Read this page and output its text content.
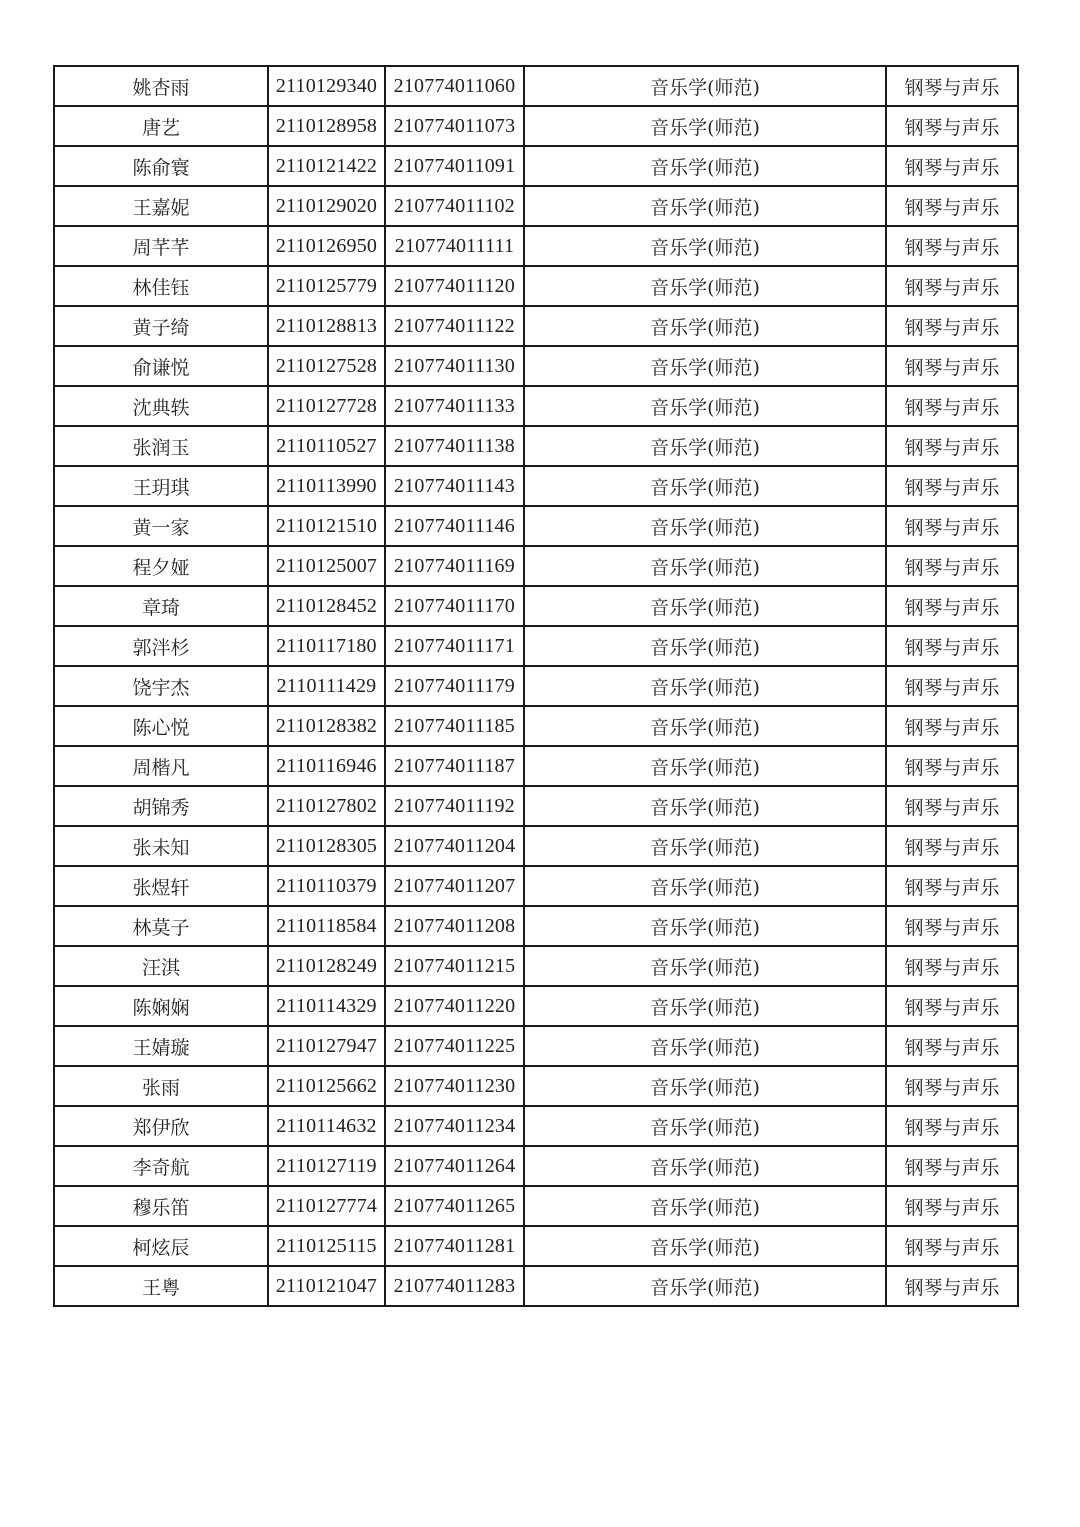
姚杏雨	2110129340	210774011060	音乐学(师范)	钢琴与声乐
唐艺	2110128958	210774011073	音乐学(师范)	钢琴与声乐
陈俞寰	2110121422	210774011091	音乐学(师范)	钢琴与声乐
王嘉妮	2110129020	210774011102	音乐学(师范)	钢琴与声乐
周芊芊	2110126950	210774011111	音乐学(师范)	钢琴与声乐
林佳钰	2110125779	210774011120	音乐学(师范)	钢琴与声乐
黄子绮	2110128813	210774011122	音乐学(师范)	钢琴与声乐
俞谦悦	2110127528	210774011130	音乐学(师范)	钢琴与声乐
沈典轶	2110127728	210774011133	音乐学(师范)	钢琴与声乐
张润玉	2110110527	210774011138	音乐学(师范)	钢琴与声乐
王玥琪	2110113990	210774011143	音乐学(师范)	钢琴与声乐
黄一家	2110121510	210774011146	音乐学(师范)	钢琴与声乐
程夕娅	2110125007	210774011169	音乐学(师范)	钢琴与声乐
章琦	2110128452	210774011170	音乐学(师范)	钢琴与声乐
郭泮杉	2110117180	210774011171	音乐学(师范)	钢琴与声乐
饶宇杰	2110111429	210774011179	音乐学(师范)	钢琴与声乐
陈心悦	2110128382	210774011185	音乐学(师范)	钢琴与声乐
周楷凡	2110116946	210774011187	音乐学(师范)	钢琴与声乐
胡锦秀	2110127802	210774011192	音乐学(师范)	钢琴与声乐
张未知	2110128305	210774011204	音乐学(师范)	钢琴与声乐
张煜轩	2110110379	210774011207	音乐学(师范)	钢琴与声乐
林莫子	2110118584	210774011208	音乐学(师范)	钢琴与声乐
汪淇	2110128249	210774011215	音乐学(师范)	钢琴与声乐
陈娴娴	2110114329	210774011220	音乐学(师范)	钢琴与声乐
王婧璇	2110127947	210774011225	音乐学(师范)	钢琴与声乐
张雨	2110125662	210774011230	音乐学(师范)	钢琴与声乐
郑伊欣	2110114632	210774011234	音乐学(师范)	钢琴与声乐
李奇航	2110127119	210774011264	音乐学(师范)	钢琴与声乐
穆乐笛	2110127774	210774011265	音乐学(师范)	钢琴与声乐
柯炫辰	2110125115	210774011281	音乐学(师范)	钢琴与声乐
王粤	2110121047	210774011283	音乐学(师范)	钢琴与声乐
